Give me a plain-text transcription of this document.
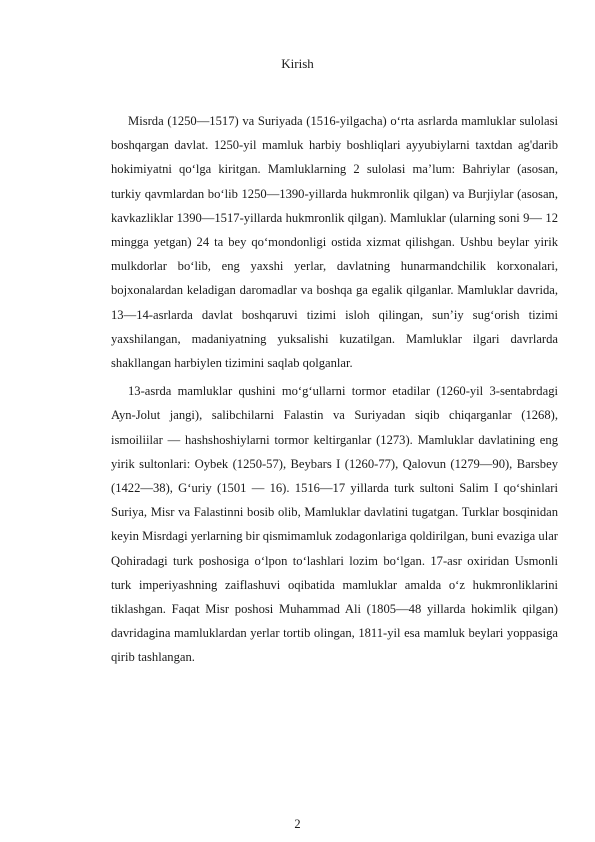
Kirish

Misrda (1250—1517) va Suriyada (1516-yilgacha) o‘rta asrlarda mamluklar sulolasi boshqargan davlat. 1250-yil mamluk harbiy boshliqlari ayyubiylarni taxtdan ag'darib hokimiyatni qo‘lga kiritgan. Mamluklarning 2 sulolasi ma’lum: Bahriylar (asosan, turkiy qavmlardan bo‘lib 1250—1390-yillarda hukmronlik qilgan) va Burjiylar (asosan, kavkazliklar 1390—1517-yillarda hukmronlik qilgan). Mamluklar (ularning soni 9— 12 mingga yetgan) 24 ta bey qo‘mondonligi ostida xizmat qilishgan. Ushbu beylar yirik mulkdorlar bo‘lib, eng yaxshi yerlar, davlatning hunarmandchilik korxonalari, bojxonalardan keladigan daromadlar va boshqa ga egalik qilganlar. Mamluklar davrida, 13—14-asrlarda davlat boshqaruvi tizimi isloh qilingan, sun’iy sug‘orish tizimi yaxshilangan, madaniyatning yuksalishi kuzatilgan. Mamluklar ilgari davrlarda shakllangan harbiylen tizimini saqlab qolganlar.

13-asrda mamluklar qushini mo‘g‘ullarni tormor etadilar (1260-yil 3-sentabrdagi Ayn-Jolut jangi), salibchilarni Falastin va Suriyadan siqib chiqarganlar (1268), ismoiliilar — hashshoshiylarni tormor keltirganlar (1273). Mamluklar davlatining eng yirik sultonlari: Oybek (1250-57), Beybars I (1260-77), Qalovun (1279—90), Barsbey (1422—38), G‘uriy (1501 — 16). 1516—17 yillarda turk sultoni Salim I qo‘shinlari Suriya, Misr va Falastinni bosib olib, Mamluklar davlatini tugatgan. Turklar bosqinidan keyin Misrdagi yerlarning bir qismimamluk zodagonlariga qoldirilgan, buni evaziga ular Qohiradagi turk poshosiga o‘lpon to‘lashlari lozim bo‘lgan. 17-asr oxiridan Usmonli turk imperiyashning zaiflashuvi oqibatida mamluklar amalda o‘z hukmronliklarini tiklashgan. Faqat Misr poshosi Muhammad Ali (1805—48 yillarda hokimlik qilgan) davridagina mamluklardan yerlar tortib olingan, 1811-yil esa mamluk beylari yoppasiga qirib tashlangan.

2
